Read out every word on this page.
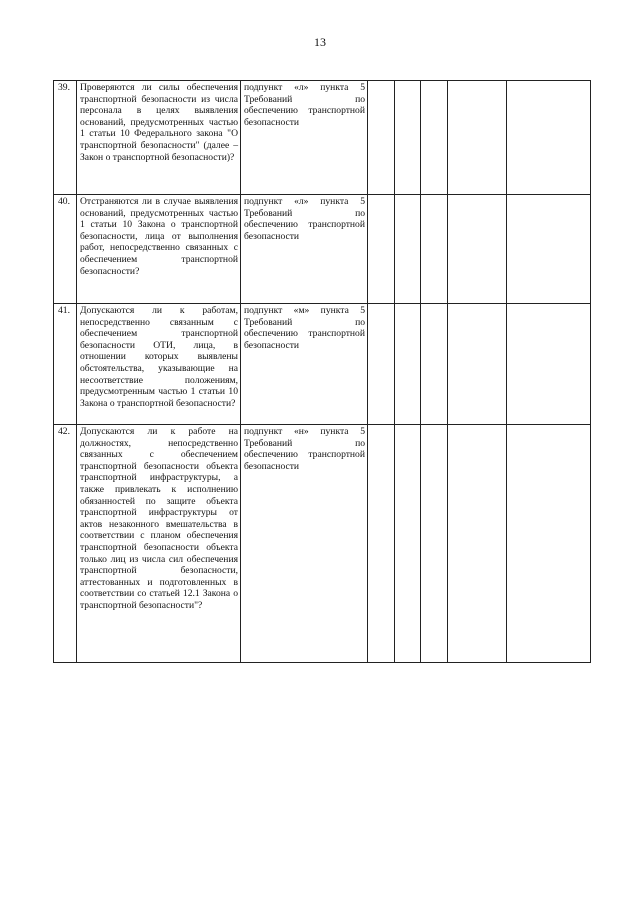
13
39.	Проверяются ли силы обеспечения транспортной безопасности из числа персонала в целях выявления оснований, предусмотренных частью 1 статьи 10 Федерального закона "О транспортной безопасности" (далее – Закон о транспортной безопасности)?	подпункт «л» пункта 5 Требований по
обеспечению транспортной безопасности					

40.	Отстраняются ли в случае выявления оснований, предусмотренных частью 1 статьи 10 Закона о транспортной безопасности, лица от выполнения работ, непосредственно связанных с обеспечением транспортной безопасности?	подпункт «л» пункта 5 Требований по
обеспечению транспортной безопасности					

41.	Допускаются ли к работам, непосредственно связанным с обеспечением транспортной безопасности ОТИ, лица, в отношении которых выявлены обстоятельства, указывающие на несоответствие положениям, предусмотренным частью 1 статьи 10 Закона о транспортной безопасности?	подпункт «м» пункта 5 Требований по
обеспечению транспортной безопасности					

42.	Допускаются ли к работе на должностях, непосредственно связанных с обеспечением транспортной безопасности объекта транспортной инфраструктуры, а также привлекать к исполнению обязанностей по защите объекта транспортной инфраструктуры от актов незаконного вмешательства в соответствии с планом обеспечения транспортной безопасности объекта только лиц из числа сил обеспечения транспортной безопасности, аттестованных и подготовленных в соответствии со статьей 12.1 Закона о транспортной безопасности"?	подпункт «н» пункта 5 Требований по
обеспечению транспортной безопасности					
